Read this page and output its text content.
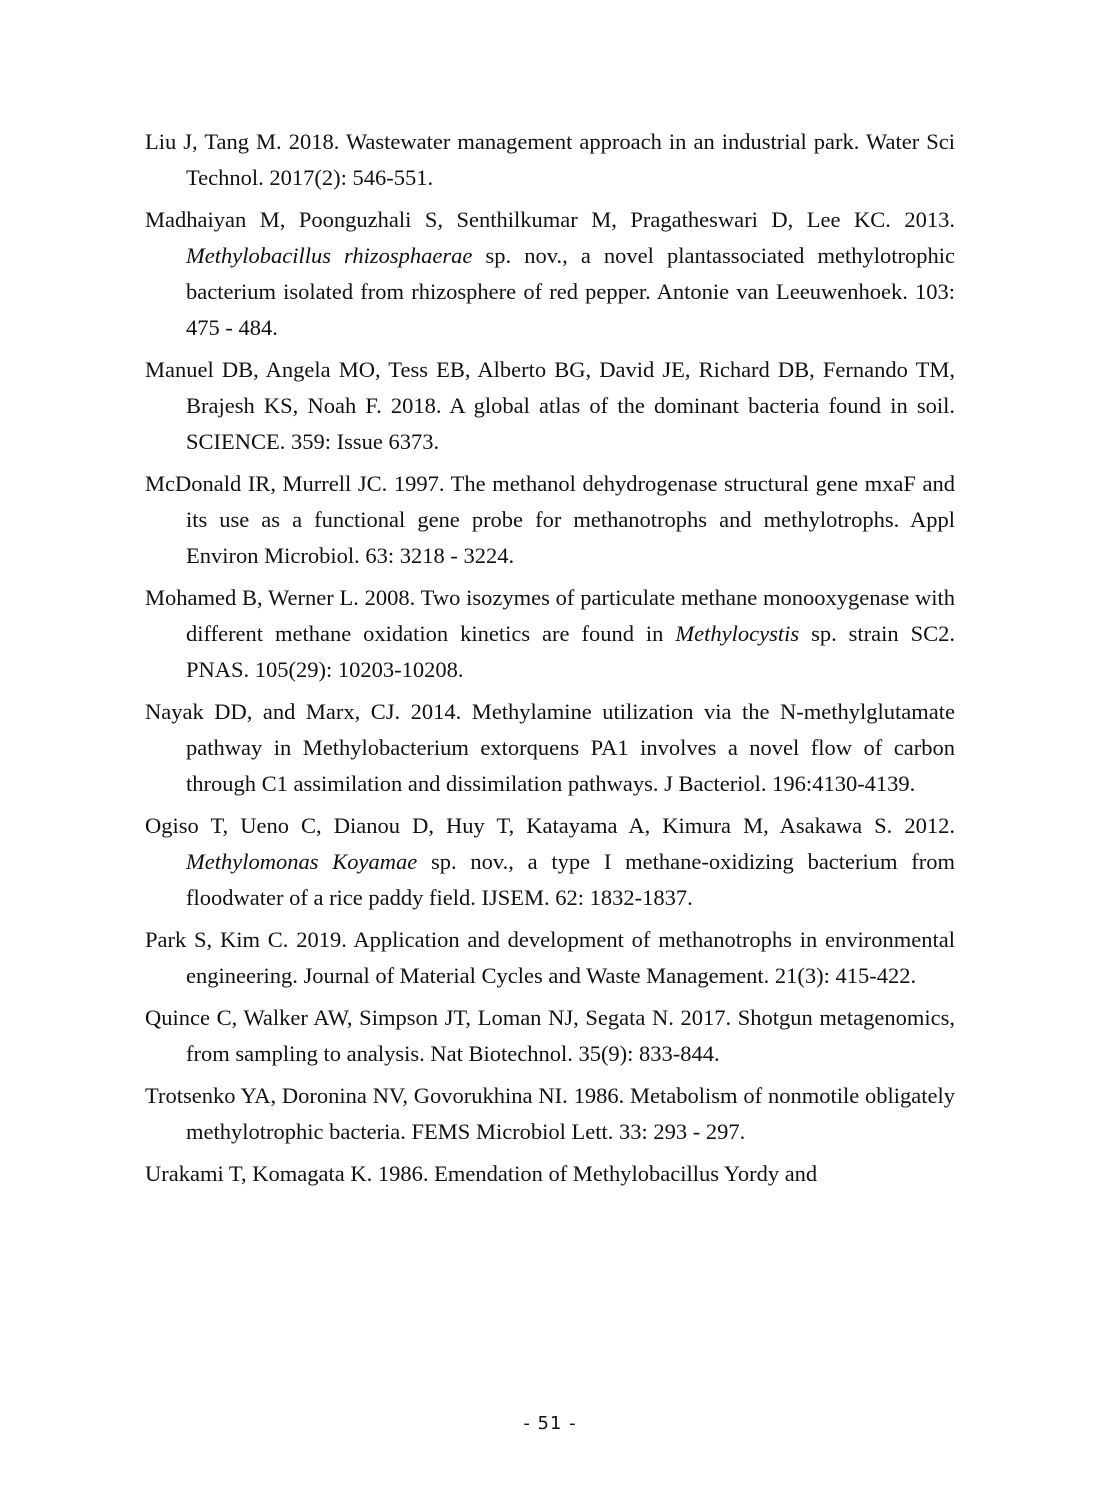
Liu J, Tang M. 2018. Wastewater management approach in an industrial park. Water Sci Technol. 2017(2): 546-551.

Madhaiyan M, Poonguzhali S, Senthilkumar M, Pragatheswari D, Lee KC. 2013. Methylobacillus rhizosphaerae sp. nov., a novel plantassociated methylotrophic bacterium isolated from rhizosphere of red pepper. Antonie van Leeuwenhoek. 103: 475 - 484.

Manuel DB, Angela MO, Tess EB, Alberto BG, David JE, Richard DB, Fernando TM, Brajesh KS, Noah F. 2018. A global atlas of the dominant bacteria found in soil. SCIENCE. 359: Issue 6373.

McDonald IR, Murrell JC. 1997. The methanol dehydrogenase structural gene mxaF and its use as a functional gene probe for methanotrophs and methylotrophs. Appl Environ Microbiol. 63: 3218 - 3224.

Mohamed B, Werner L. 2008. Two isozymes of particulate methane monooxygenase with different methane oxidation kinetics are found in Methylocystis sp. strain SC2. PNAS. 105(29): 10203-10208.

Nayak DD, and Marx, CJ. 2014. Methylamine utilization via the N-methylglutamate pathway in Methylobacterium extorquens PA1 involves a novel flow of carbon through C1 assimilation and dissimilation pathways. J Bacteriol. 196:4130-4139.

Ogiso T, Ueno C, Dianou D, Huy T, Katayama A, Kimura M, Asakawa S. 2012. Methylomonas Koyamae sp. nov., a type I methane-oxidizing bacterium from floodwater of a rice paddy field. IJSEM. 62: 1832-1837.

Park S, Kim C. 2019. Application and development of methanotrophs in environmental engineering. Journal of Material Cycles and Waste Management. 21(3): 415-422.

Quince C, Walker AW, Simpson JT, Loman NJ, Segata N. 2017. Shotgun metagenomics, from sampling to analysis. Nat Biotechnol. 35(9): 833-844.

Trotsenko YA, Doronina NV, Govorukhina NI. 1986. Metabolism of nonmotile obligately methylotrophic bacteria. FEMS Microbiol Lett. 33: 293 - 297.

Urakami T, Komagata K. 1986. Emendation of Methylobacillus Yordy and

- 51 -
